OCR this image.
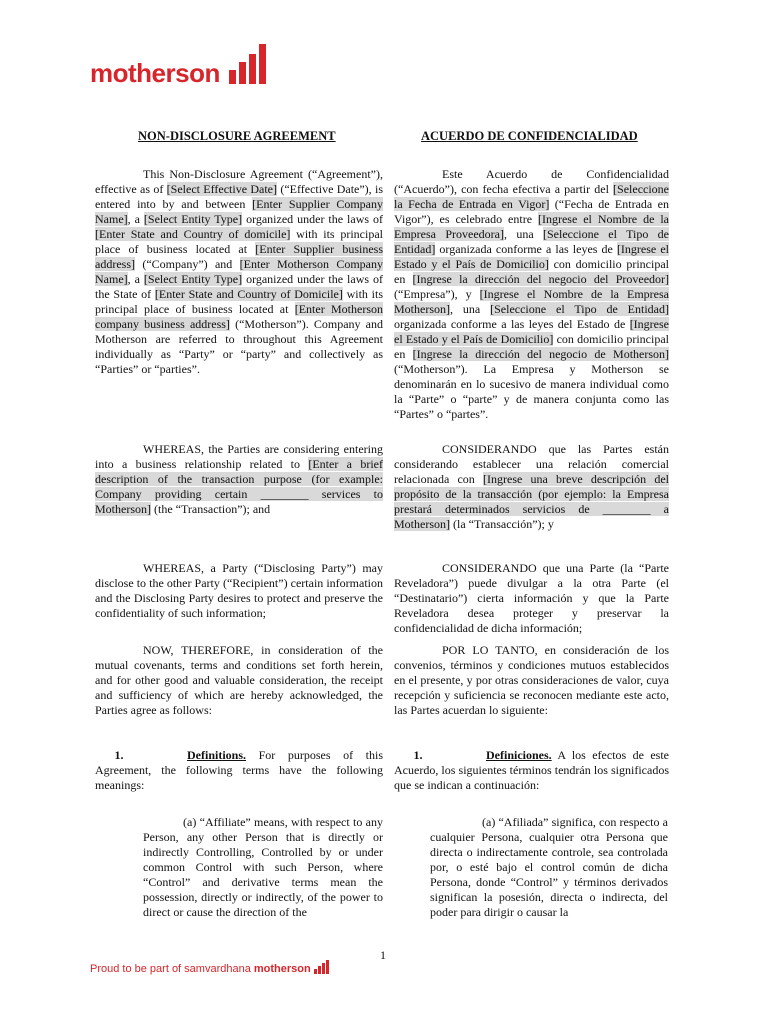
motherson
NON-DISCLOSURE AGREEMENT	ACUERDO DE CONFIDENCIALIDAD

This Non-Disclosure Agreement (“Agreement”), effective as of [Select Effective Date] (“Effective Date”), is entered into by and between [Enter Supplier Company Name], a [Select Entity Type] organized under the laws of [Enter State and Country of domicile] with its principal place of business located at [Enter Supplier business address] (“Company”) and [Enter Motherson Company Name], a [Select Entity Type] organized under the laws of the State of [Enter State and Country of Domicile] with its principal place of business located at [Enter Motherson company business address] (“Motherson”). Company and Motherson are referred to throughout this Agreement individually as “Party” or “party” and collectively as “Parties” or “parties”.

WHEREAS, the Parties are considering entering into a business relationship related to [Enter a brief description of the transaction purpose (for example: Company providing certain ________ services to Motherson] (the “Transaction”); and

WHEREAS, a Party (“Disclosing Party”) may disclose to the other Party (“Recipient”) certain information and the Disclosing Party desires to protect and preserve the confidentiality of such information;

NOW, THEREFORE, in consideration of the mutual covenants, terms and conditions set forth herein, and for other good and valuable consideration, the receipt and sufficiency of which are hereby acknowledged, the Parties agree as follows:

1.	Definitions. For purposes of this Agreement, the following terms have the following meanings:

(a) “Affiliate” means, with respect to any Person, any other Person that is directly or indirectly Controlling, Controlled by or under common Control with such Person, where “Control” and derivative terms mean the possession, directly or indirectly, of the power to direct or cause the direction of the

Este Acuerdo de Confidencialidad (“Acuerdo”), con fecha efectiva a partir del [Seleccione la Fecha de Entrada en Vigor] (“Fecha de Entrada en Vigor”), es celebrado entre [Ingrese el Nombre de la Empresa Proveedora], una [Seleccione el Tipo de Entidad] organizada conforme a las leyes de [Ingrese el Estado y el País de Domicilio] con domicilio principal en [Ingrese la dirección del negocio del Proveedor] (“Empresa”), y [Ingrese el Nombre de la Empresa Motherson], una [Seleccione el Tipo de Entidad] organizada conforme a las leyes del Estado de [Ingrese el Estado y el País de Domicilio] con domicilio principal en [Ingrese la dirección del negocio de Motherson] (“Motherson”). La Empresa y Motherson se denominarán en lo sucesivo de manera individual como la “Parte” o “parte” y de manera conjunta como las “Partes” o “partes”.

CONSIDERANDO que las Partes están considerando establecer una relación comercial relacionada con [Ingrese una breve descripción del propósito de la transacción (por ejemplo: la Empresa prestará determinados servicios de ________ a Motherson] (la “Transacción”); y

CONSIDERANDO que una Parte (la “Parte Reveladora”) puede divulgar a la otra Parte (el “Destinatario”) cierta información y que la Parte Reveladora desea proteger y preservar la confidencialidad de dicha información;

POR LO TANTO, en consideración de los convenios, términos y condiciones mutuos establecidos en el presente, y por otras consideraciones de valor, cuya recepción y suficiencia se reconocen mediante este acto, las Partes acuerdan lo siguiente:

1.	Definiciones. A los efectos de este Acuerdo, los siguientes términos tendrán los significados que se indican a continuación:

(a) “Afiliada” significa, con respecto a cualquier Persona, cualquier otra Persona que directa o indirectamente controle, sea controlada por, o esté bajo el control común de dicha Persona, donde “Control” y términos derivados significan la posesión, directa o indirecta, del poder para dirigir o causar la

1
Proud to be part of samvardhana motherson
